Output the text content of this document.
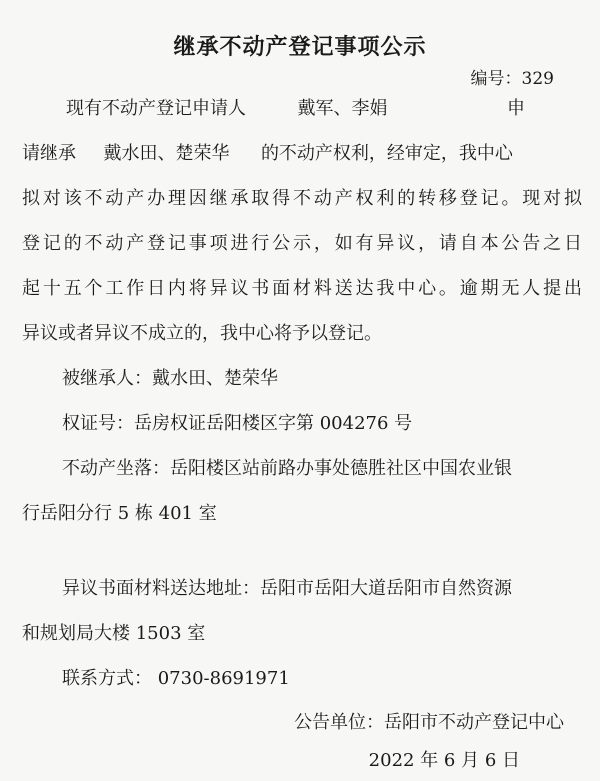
继承不动产登记事项公示
编号：329
现有不动产登记申请人	戴军、李娟	申
请继承 戴水田、楚荣华 的不动产权利，经审定，我中心
拟对该不动产办理因继承取得不动产权利的转移登记。现对拟
登记的不动产登记事项进行公示，如有异议，请自本公告之日
起十五个工作日内将异议书面材料送达我中心。逾期无人提出
异议或者异议不成立的，我中心将予以登记。
被继承人：戴水田、楚荣华
权证号：岳房权证岳阳楼区字第 004276 号
不动产坐落：岳阳楼区站前路办事处德胜社区中国农业银
行岳阳分行 5 栋 401 室
异议书面材料送达地址：岳阳市岳阳大道岳阳市自然资源
和规划局大楼 1503 室
联系方式： 0730-8691971
公告单位：岳阳市不动产登记中心
2022 年 6 月 6 日
